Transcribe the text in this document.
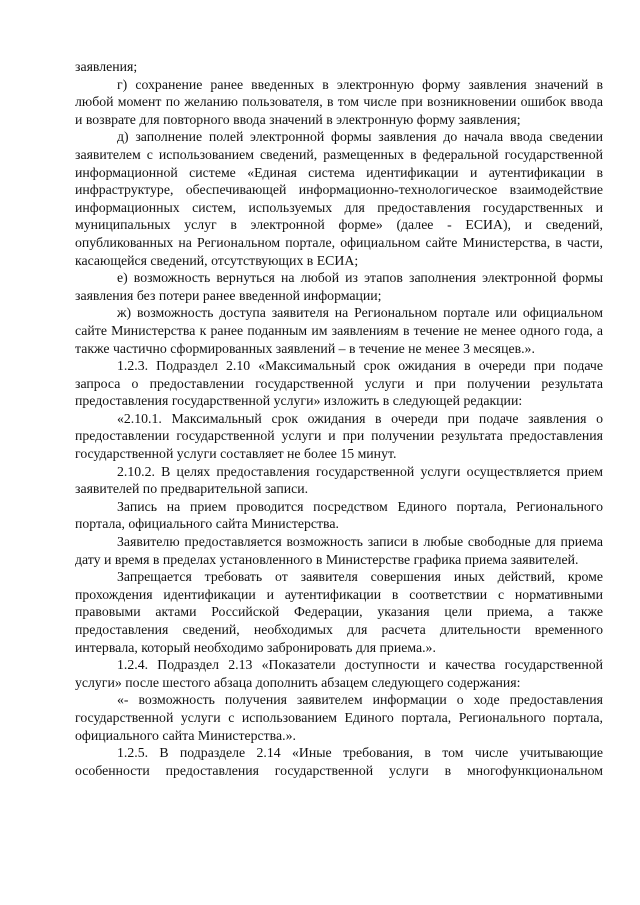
заявления;

г) сохранение ранее введенных в электронную форму заявления значений в любой момент по желанию пользователя, в том числе при возникновении ошибок ввода и возврате для повторного ввода значений в электронную форму заявления;

д) заполнение полей электронной формы заявления до начала ввода сведении заявителем с использованием сведений, размещенных в федеральной государственной информационной системе «Единая система идентификации и аутентификации в инфраструктуре, обеспечивающей информационно-технологическое взаимодействие информационных систем, используемых для предоставления государственных и муниципальных услуг в электронной форме» (далее - ЕСИА), и сведений, опубликованных на Региональном портале, официальном сайте Министерства, в части, касающейся сведений, отсутствующих в ЕСИА;

е) возможность вернуться на любой из этапов заполнения электронной формы заявления без потери ранее введенной информации;

ж) возможность доступа заявителя на Региональном портале или официальном сайте Министерства к ранее поданным им заявлениям в течение не менее одного года, а также частично сформированных заявлений – в течение не менее 3 месяцев.».

1.2.3. Подраздел 2.10 «Максимальный срок ожидания в очереди при подаче запроса о предоставлении государственной услуги и при получении результата предоставления государственной услуги» изложить в следующей редакции:

«2.10.1. Максимальный срок ожидания в очереди при подаче заявления о предоставлении государственной услуги и при получении результата предоставления государственной услуги составляет не более 15 минут.

2.10.2. В целях предоставления государственной услуги осуществляется прием заявителей по предварительной записи.

Запись на прием проводится посредством Единого портала, Регионального портала, официального сайта Министерства.

Заявителю предоставляется возможность записи в любые свободные для приема дату и время в пределах установленного в Министерстве графика приема заявителей.

Запрещается требовать от заявителя совершения иных действий, кроме прохождения идентификации и аутентификации в соответствии с нормативными правовыми актами Российской Федерации, указания цели приема, а также предоставления сведений, необходимых для расчета длительности временного интервала, который необходимо забронировать для приема.».

1.2.4. Подраздел 2.13 «Показатели доступности и качества государственной услуги» после шестого абзаца дополнить абзацем следующего содержания:

«- возможность получения заявителем информации о ходе предоставления государственной услуги с использованием Единого портала, Регионального портала, официального сайта Министерства.».

1.2.5. В подразделе 2.14 «Иные требования, в том числе учитывающие особенности предоставления государственной услуги в многофункциональном
